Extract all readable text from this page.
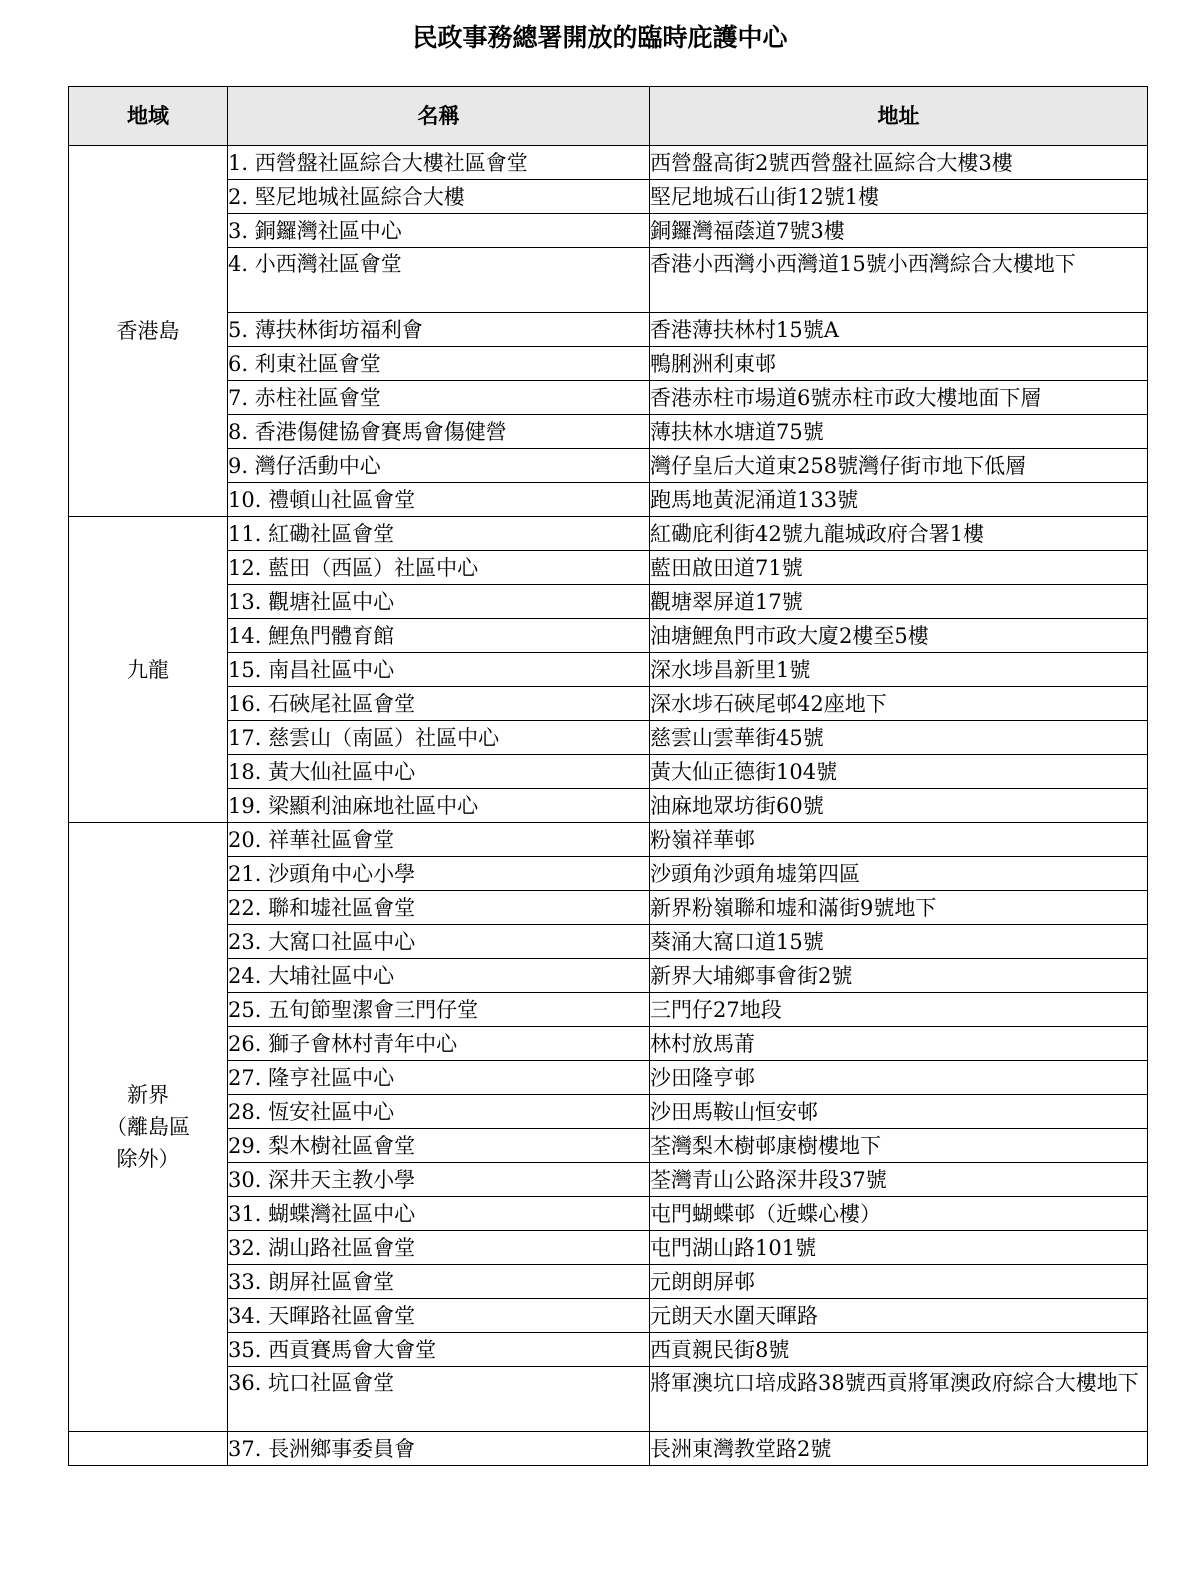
民政事務總署開放的臨時庇護中心
地域	名稱	地址
香港島	1. 西營盤社區綜合大樓社區會堂	西營盤高街2號西營盤社區綜合大樓3樓
	2. 堅尼地城社區綜合大樓	堅尼地城石山街12號1樓
	3. 銅鑼灣社區中心	銅鑼灣福蔭道7號3樓
	4. 小西灣社區會堂	香港小西灣小西灣道15號小西灣綜合大樓地下
	5. 薄扶林街坊福利會	香港薄扶林村15號A
	6. 利東社區會堂	鴨脷洲利東邨
	7. 赤柱社區會堂	香港赤柱市場道6號赤柱市政大樓地面下層
	8. 香港傷健協會賽馬會傷健營	薄扶林水塘道75號
	9. 灣仔活動中心	灣仔皇后大道東258號灣仔街市地下低層
	10. 禮頓山社區會堂	跑馬地黃泥涌道133號
九龍	11. 紅磡社區會堂	紅磡庇利街42號九龍城政府合署1樓
	12. 藍田（西區）社區中心	藍田啟田道71號
	13. 觀塘社區中心	觀塘翠屏道17號
	14. 鯉魚門體育館	油塘鯉魚門市政大廈2樓至5樓
	15. 南昌社區中心	深水埗昌新里1號
	16. 石硤尾社區會堂	深水埗石硤尾邨42座地下
	17. 慈雲山（南區）社區中心	慈雲山雲華街45號
	18. 黃大仙社區中心	黃大仙正德街104號
	19. 梁顯利油麻地社區中心	油麻地眾坊街60號
新界
（離島區
除外）	20. 祥華社區會堂	粉嶺祥華邨
	21. 沙頭角中心小學	沙頭角沙頭角墟第四區
	22. 聯和墟社區會堂	新界粉嶺聯和墟和滿街9號地下
	23. 大窩口社區中心	葵涌大窩口道15號
	24. 大埔社區中心	新界大埔鄉事會街2號
	25. 五旬節聖潔會三門仔堂	三門仔27地段
	26. 獅子會林村青年中心	林村放馬莆
	27. 隆亨社區中心	沙田隆亨邨
	28. 恆安社區中心	沙田馬鞍山恒安邨
	29. 梨木樹社區會堂	荃灣梨木樹邨康樹樓地下
	30. 深井天主教小學	荃灣青山公路深井段37號
	31. 蝴蝶灣社區中心	屯門蝴蝶邨（近蝶心樓）
	32. 湖山路社區會堂	屯門湖山路101號
	33. 朗屏社區會堂	元朗朗屏邨
	34. 天暉路社區會堂	元朗天水圍天暉路
	35. 西貢賽馬會大會堂	西貢親民街8號
	36. 坑口社區會堂	將軍澳坑口培成路38號西貢將軍澳政府綜合大樓地下
	37. 長洲鄉事委員會	長洲東灣教堂路2號
